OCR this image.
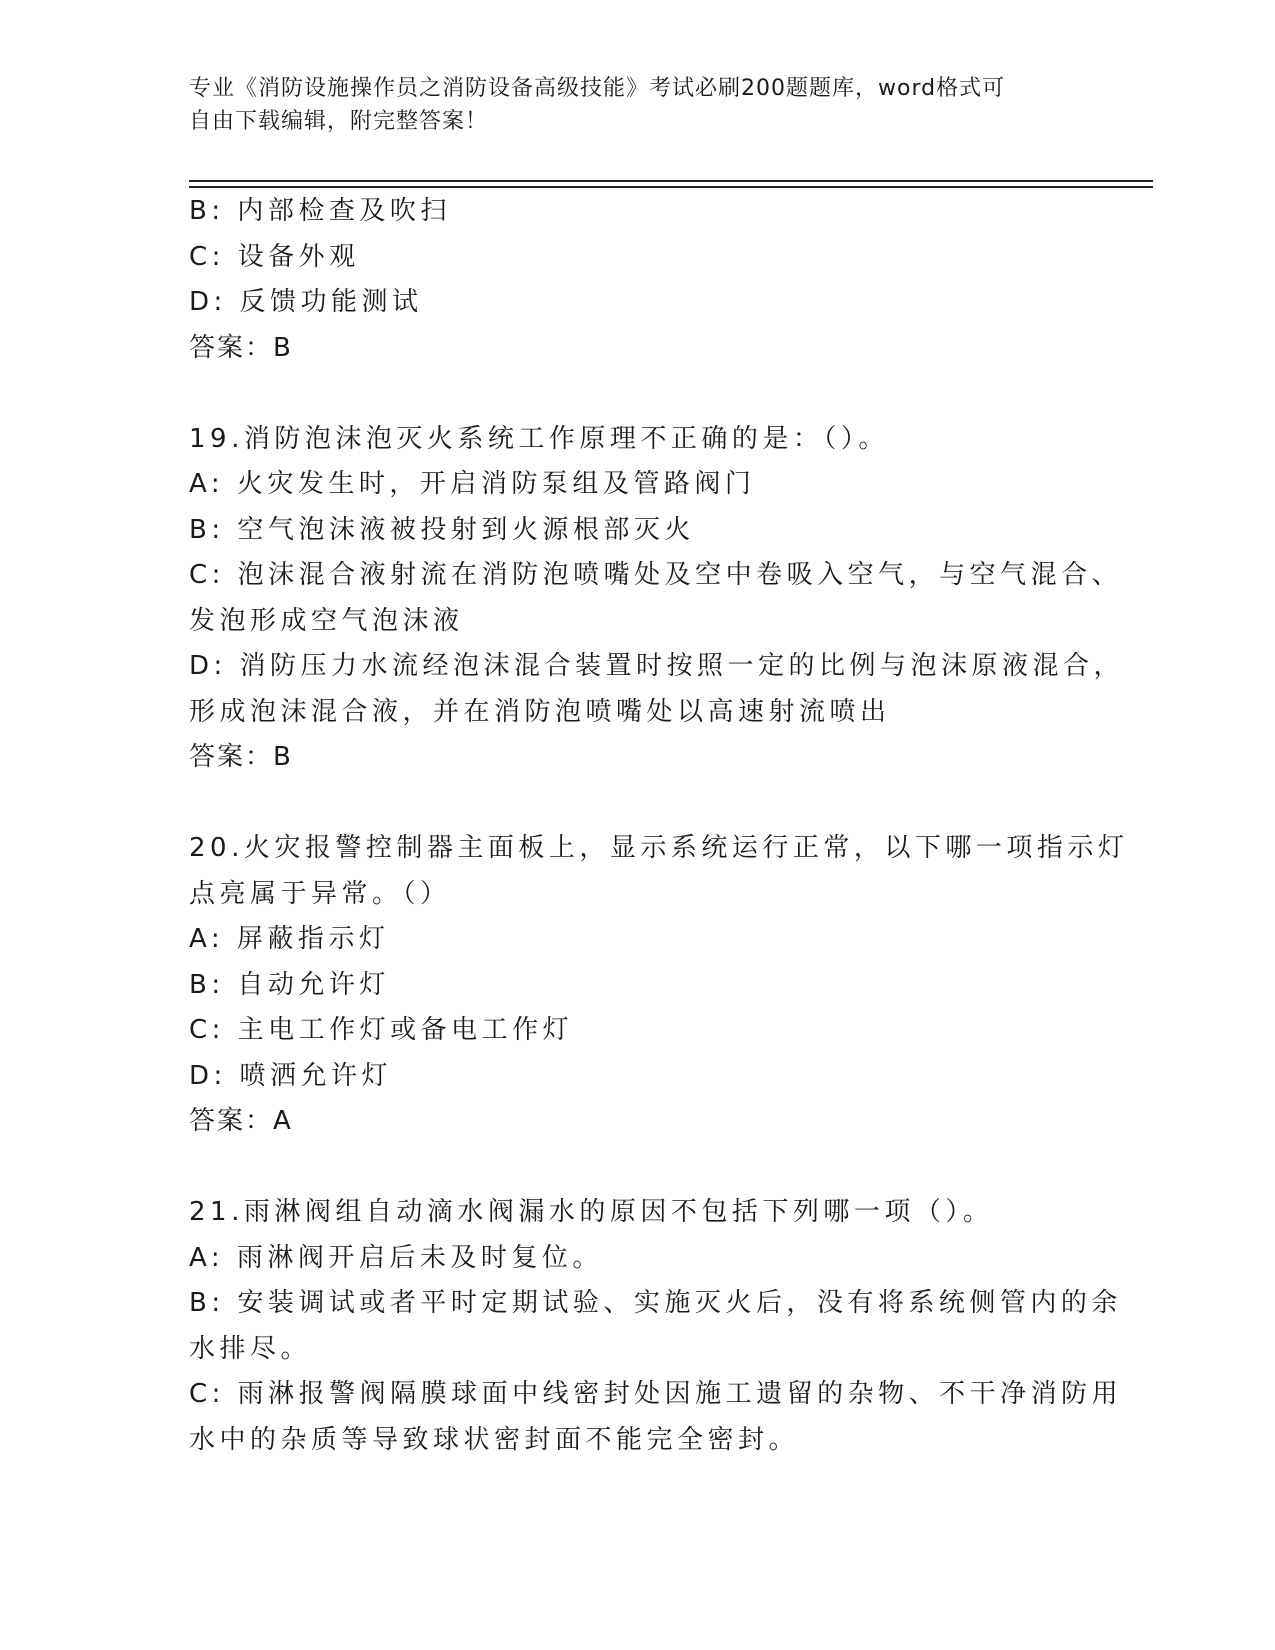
专业《消防设施操作员之消防设备高级技能》考试必刷200题题库，word格式可
自由下载编辑，附完整答案！
B: 内部检查及吹扫
C: 设备外观
D: 反馈功能测试
答案：B
19.消防泡沫泡灭火系统工作原理不正确的是：（）。
A: 火灾发生时，开启消防泵组及管路阀门
B: 空气泡沫液被投射到火源根部灭火
C: 泡沫混合液射流在消防泡喷嘴处及空中卷吸入空气，与空气混合、
发泡形成空气泡沫液
D: 消防压力水流经泡沫混合装置时按照一定的比例与泡沫原液混合，
形成泡沫混合液，并在消防泡喷嘴处以高速射流喷出
答案：B
20.火灾报警控制器主面板上，显示系统运行正常，以下哪一项指示灯
点亮属于异常。（）
A: 屏蔽指示灯
B: 自动允许灯
C: 主电工作灯或备电工作灯
D: 喷洒允许灯
答案：A
21.雨淋阀组自动滴水阀漏水的原因不包括下列哪一项（）。
A: 雨淋阀开启后未及时复位。
B: 安装调试或者平时定期试验、实施灭火后，没有将系统侧管内的余
水排尽。
C: 雨淋报警阀隔膜球面中线密封处因施工遗留的杂物、不干净消防用
水中的杂质等导致球状密封面不能完全密封。
